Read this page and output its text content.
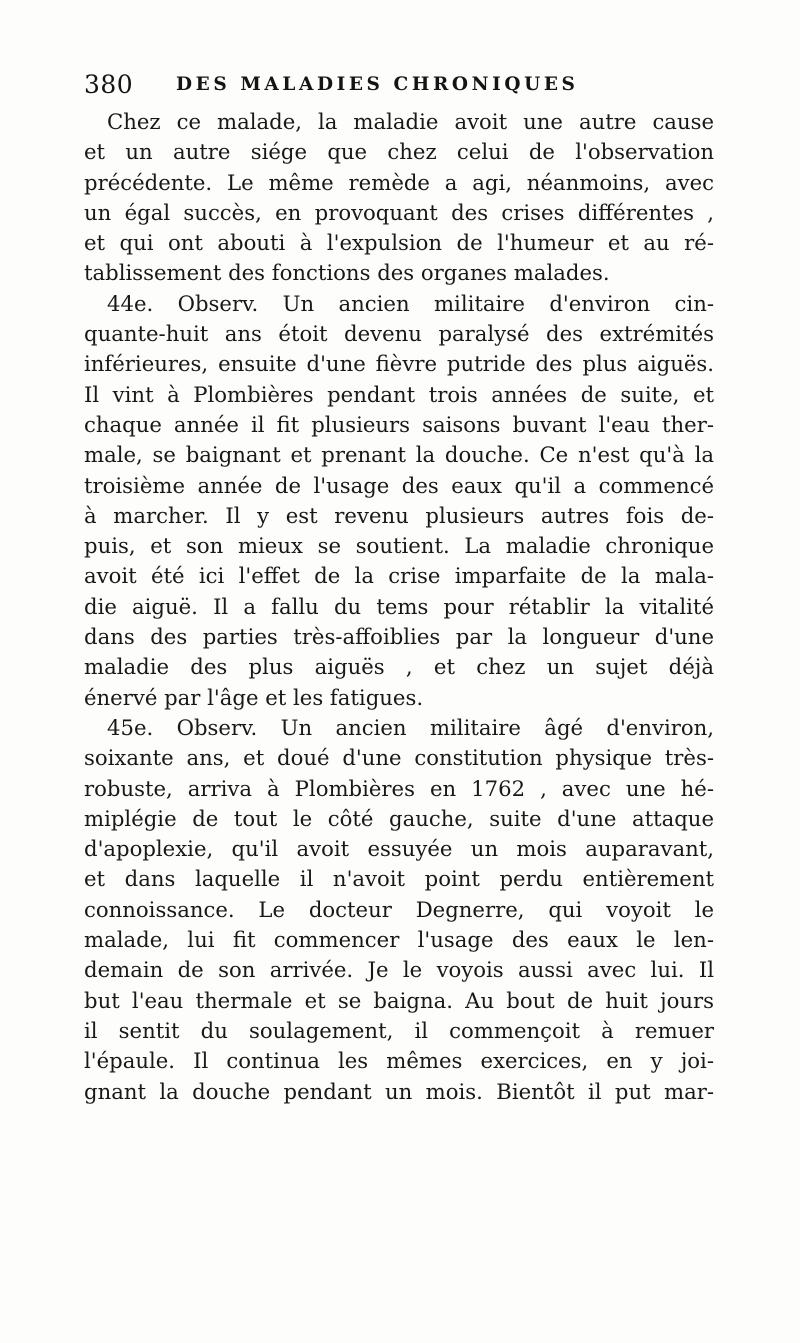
380 DES MALADIES CHRONIQUES
Chez ce malade, la maladie avoit une autre cause
et un autre siége que chez celui de l'observation
précédente. Le même remède a agi, néanmoins, avec
un égal succès, en provoquant des crises différentes ,
et qui ont abouti à l'expulsion de l'humeur et au ré-
tablissement des fonctions des organes malades.
44e. Observ. Un ancien militaire d'environ cin-
quante-huit ans étoit devenu paralysé des extrémités
inférieures, ensuite d'une fièvre putride des plus aiguës.
Il vint à Plombières pendant trois années de suite, et
chaque année il fit plusieurs saisons buvant l'eau ther-
male, se baignant et prenant la douche. Ce n'est qu'à la
troisième année de l'usage des eaux qu'il a commencé
à marcher. Il y est revenu plusieurs autres fois de-
puis, et son mieux se soutient. La maladie chronique
avoit été ici l'effet de la crise imparfaite de la mala-
die aiguë. Il a fallu du tems pour rétablir la vitalité
dans des parties très-affoiblies par la longueur d'une
maladie des plus aiguës , et chez un sujet déjà
énervé par l'âge et les fatigues.
45e. Observ. Un ancien militaire âgé d'environ,
soixante ans, et doué d'une constitution physique très-
robuste, arriva à Plombières en 1762 , avec une hé-
miplégie de tout le côté gauche, suite d'une attaque
d'apoplexie, qu'il avoit essuyée un mois auparavant,
et dans laquelle il n'avoit point perdu entièrement
connoissance. Le docteur Degnerre, qui voyoit le
malade, lui fit commencer l'usage des eaux le len-
demain de son arrivée. Je le voyois aussi avec lui. Il
but l'eau thermale et se baigna. Au bout de huit jours
il sentit du soulagement, il commençoit à remuer
l'épaule. Il continua les mêmes exercices, en y joi-
gnant la douche pendant un mois. Bientôt il put mar-
